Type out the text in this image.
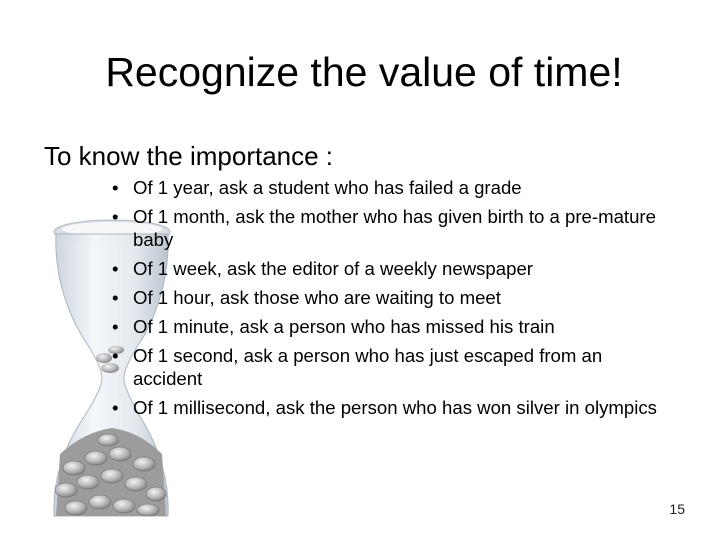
Recognize the value of time!

To know the importance :

• Of 1 year, ask a student who has failed a grade
• Of 1 month, ask the mother who has given birth to a pre-mature baby
• Of 1 week, ask the editor of a weekly newspaper
• Of 1 hour, ask those who are waiting to meet
• Of 1 minute, ask a person who has missed his train
• Of 1 second, ask a person who has just escaped from an accident
• Of 1 millisecond, ask the person who has won silver in olympics
15
